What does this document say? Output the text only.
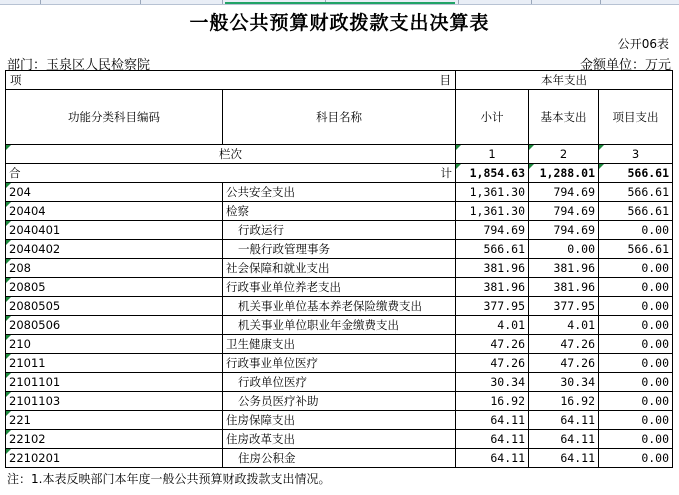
一般公共预算财政拨款支出决算表
公开06表
部门：玉泉区人民检察院	金额单位：万元
项 目		本年支出		
功能分类科目编码	科目名称	小计	基本支出	项目支出
栏次		1	2	3
合 计		1,854.63	1,288.01	566.61
204	公共安全支出	1,361.30	794.69	566.61
20404	检察	1,361.30	794.69	566.61
2040401	行政运行	794.69	794.69	0.00
2040402	一般行政管理事务	566.61	0.00	566.61
208	社会保障和就业支出	381.96	381.96	0.00
20805	行政事业单位养老支出	381.96	381.96	0.00
2080505	机关事业单位基本养老保险缴费支出	377.95	377.95	0.00
2080506	机关事业单位职业年金缴费支出	4.01	4.01	0.00
210	卫生健康支出	47.26	47.26	0.00
21011	行政事业单位医疗	47.26	47.26	0.00
2101101	行政单位医疗	30.34	30.34	0.00
2101103	公务员医疗补助	16.92	16.92	0.00
221	住房保障支出	64.11	64.11	0.00
22102	住房改革支出	64.11	64.11	0.00
2210201	住房公积金	64.11	64.11	0.00
注：1.本表反映部门本年度一般公共预算财政拨款支出情况。
